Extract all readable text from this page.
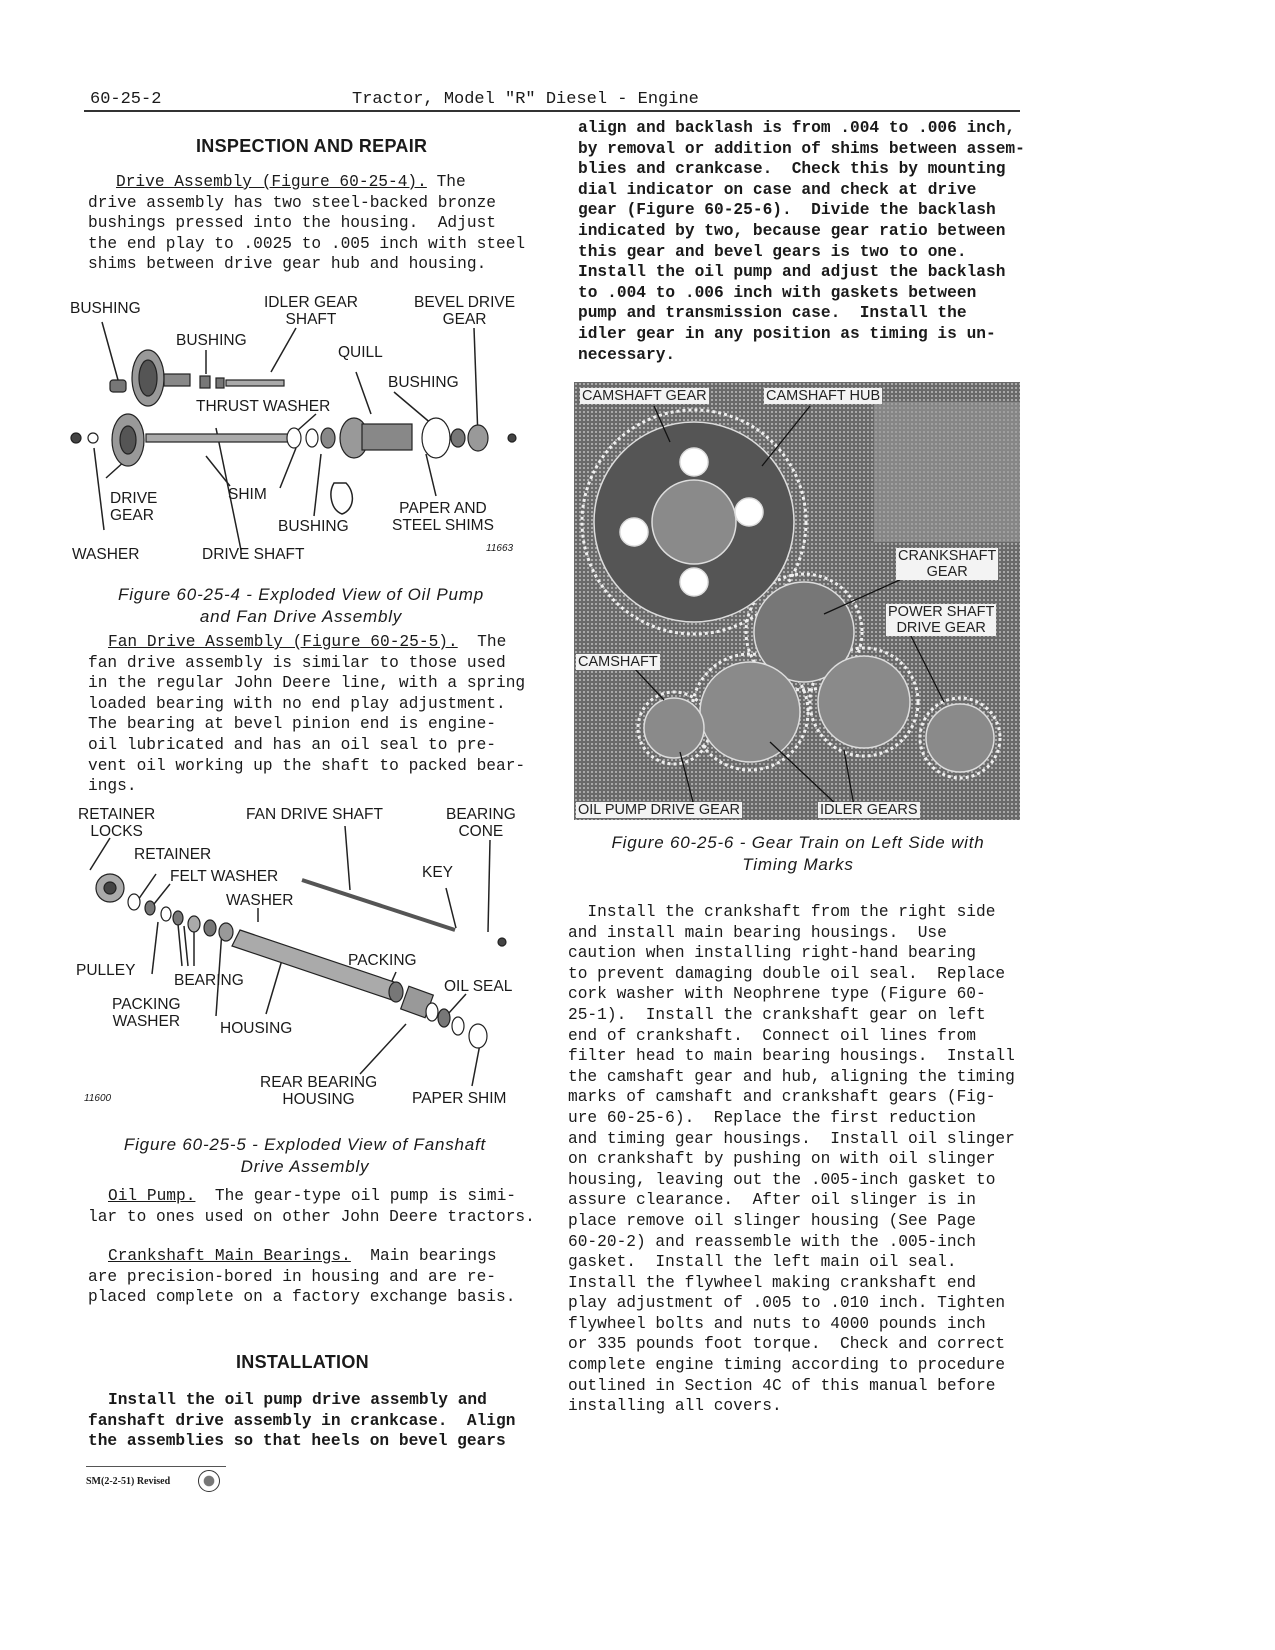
60-25-2	Tractor, Model "R" Diesel - Engine
INSPECTION AND REPAIR

Drive Assembly (Figure 60-25-4). The

drive assembly has two steel-backed bronze

bushings pressed into the housing.  Adjust

the end play to .0025 to .005 inch with steel

shims between drive gear hub and housing.

BUSHING	IDLER GEAR
SHAFT
BEVEL DRIVE
GEAR
BUSHING
QUILL
BUSHING
THRUST WASHER
DRIVE
GEAR
SHIM
PAPER AND
STEEL SHIMS
BUSHING
WASHER	DRIVE SHAFT	11663
Figure 60-25-4 - Exploded View of Oil Pump
and Fan Drive Assembly

Fan Drive Assembly (Figure 60-25-5).  The

fan drive assembly is similar to those used

in the regular John Deere line, with a spring

loaded bearing with no end play adjustment.

The bearing at bevel pinion end is engine-

oil lubricated and has an oil seal to pre-

vent oil working up the shaft to packed bear-

ings.

RETAINER
LOCKS
FAN DRIVE SHAFT	BEARING
CONE
RETAINER
FELT WASHER	KEY
WASHER
PACKING
PULLEY
BEARING	OIL SEAL
PACKING
WASHER	HOUSING
REAR BEARING
HOUSING	PAPER SHIM
11600
Figure 60-25-5 - Exploded View of Fanshaft
Drive Assembly

Oil Pump.  The gear-type oil pump is simi-

lar to ones used on other John Deere tractors.

Crankshaft Main Bearings.  Main bearings

are precision-bored in housing and are re-

placed complete on a factory exchange basis.

INSTALLATION

Install the oil pump drive assembly and

fanshaft drive assembly in crankcase.  Align

the assemblies so that heels on bevel gears

SM(2-2-51) Revised

align and backlash is from .004 to .006 inch,

by removal or addition of shims between assem-

blies and crankcase.  Check this by mounting

dial indicator on case and check at drive

gear (Figure 60-25-6).  Divide the backlash

indicated by two, because gear ratio between

this gear and bevel gears is two to one.

Install the oil pump and adjust the backlash

to .004 to .006 inch with gaskets between

pump and transmission case.  Install the

idler gear in any position as timing is un-

necessary.

CAMSHAFT GEAR	CAMSHAFT HUB
CRANKSHAFT
GEAR
POWER SHAFT
DRIVE GEAR
CAMSHAFT
OIL PUMP DRIVE GEAR	IDLER GEARS
Figure 60-25-6 - Gear Train on Left Side with
Timing Marks

Install the crankshaft from the right side

and install main bearing housings.  Use

caution when installing right-hand bearing

to prevent damaging double oil seal.  Replace

cork washer with Neophrene type (Figure 60-

25-1).  Install the crankshaft gear on left

end of crankshaft.  Connect oil lines from

filter head to main bearing housings.  Install

the camshaft gear and hub, aligning the timing

marks of camshaft and crankshaft gears (Fig-

ure 60-25-6).  Replace the first reduction

and timing gear housings.  Install oil slinger

on crankshaft by pushing on with oil slinger

housing, leaving out the .005-inch gasket to

assure clearance.  After oil slinger is in

place remove oil slinger housing (See Page

60-20-2) and reassemble with the .005-inch

gasket.  Install the left main oil seal.

Install the flywheel making crankshaft end

play adjustment of .005 to .010 inch. Tighten

flywheel bolts and nuts to 4000 pounds inch

or 335 pounds foot torque.  Check and correct

complete engine timing according to procedure

outlined in Section 4C of this manual before

installing all covers.
